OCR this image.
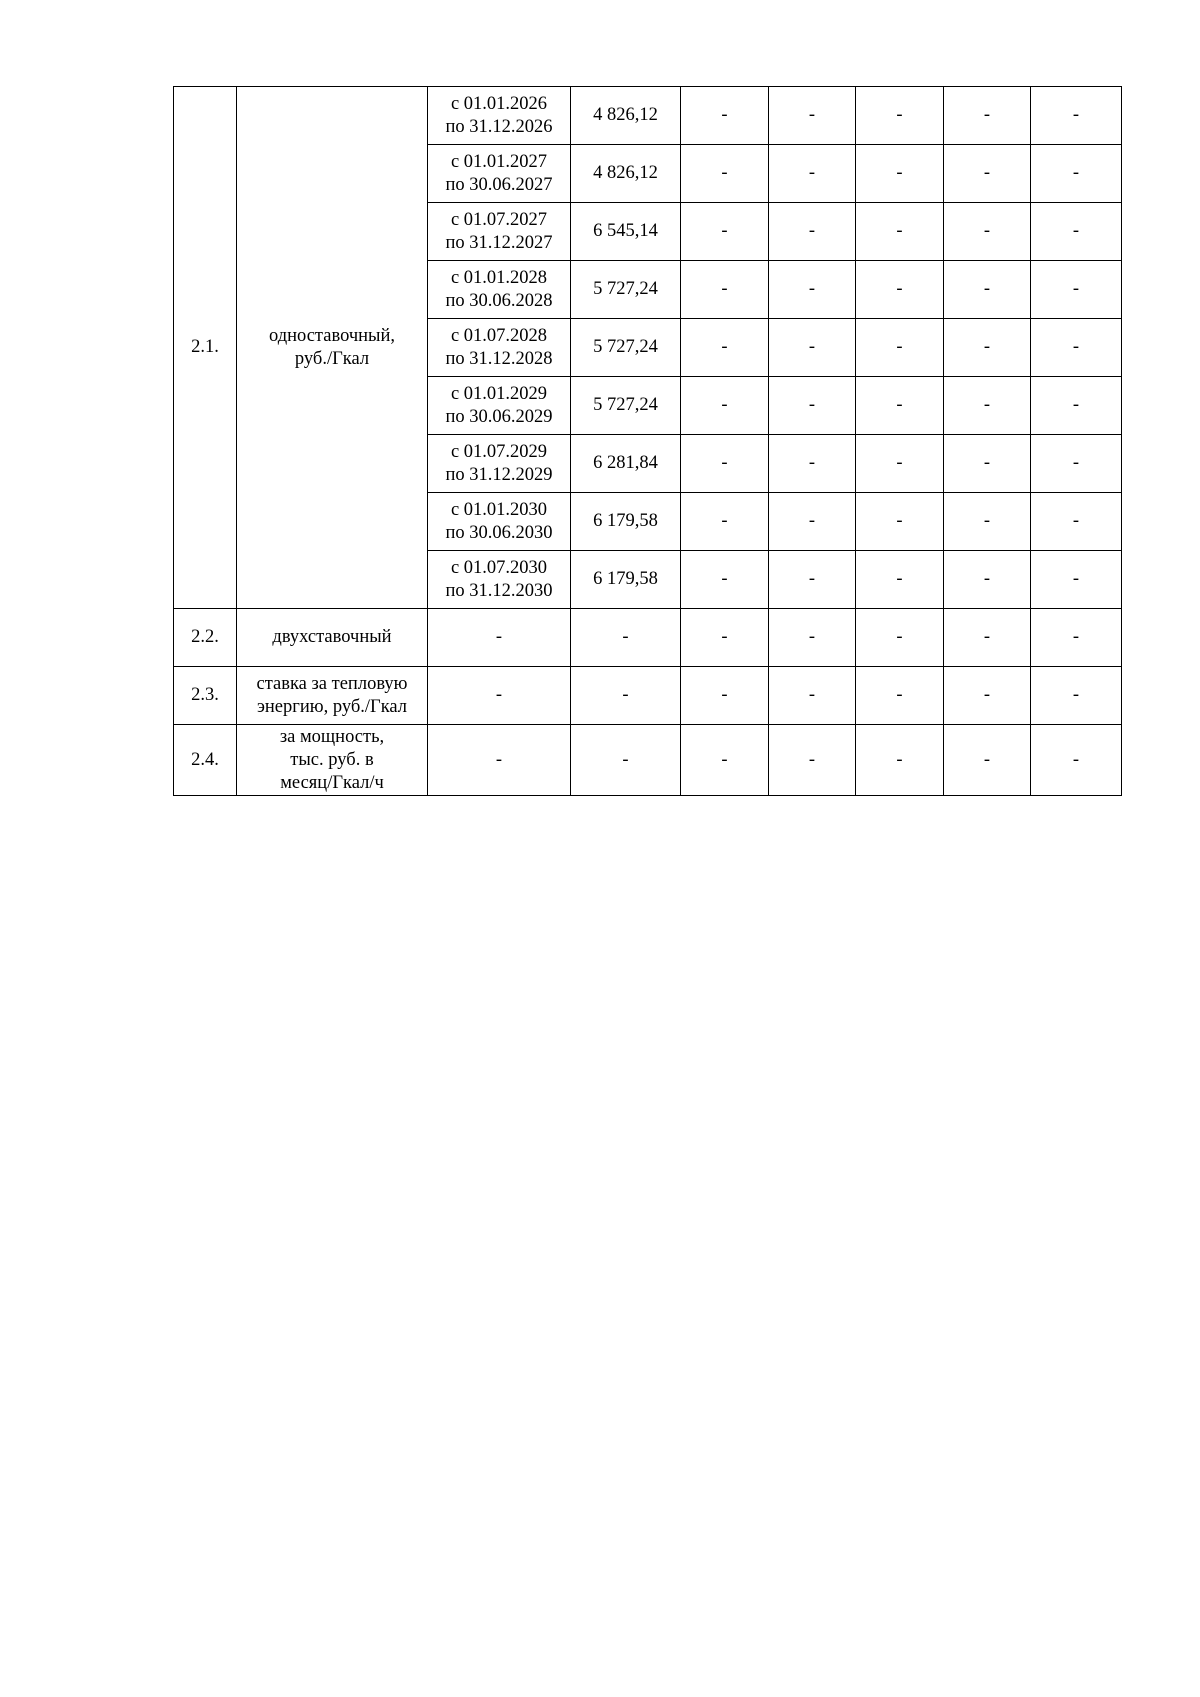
2.1.	одноставочный,
руб./Гкал	с 01.01.2026
по 31.12.2026	4 826,12	-	-	-	-	-

		с 01.01.2027
по 30.06.2027	4 826,12	-	-	-	-	-

		с 01.07.2027
по 31.12.2027	6 545,14	-	-	-	-	-

		с 01.01.2028
по 30.06.2028	5 727,24	-	-	-	-	-

		с 01.07.2028
по 31.12.2028	5 727,24	-	-	-	-	-

		с 01.01.2029
по 30.06.2029	5 727,24	-	-	-	-	-

		с 01.07.2029
по 31.12.2029	6 281,84	-	-	-	-	-

		с 01.01.2030
по 30.06.2030	6 179,58	-	-	-	-	-

		с 01.07.2030
по 31.12.2030	6 179,58	-	-	-	-	-
2.2.	двухставочный	-	-	-	-	-	-	-
2.3.	ставка за тепловую
энергию, руб./Гкал	-	-	-	-	-	-	-
2.4.	за мощность,
тыс. руб. в
месяц/Гкал/ч	-	-	-	-	-	-	-
